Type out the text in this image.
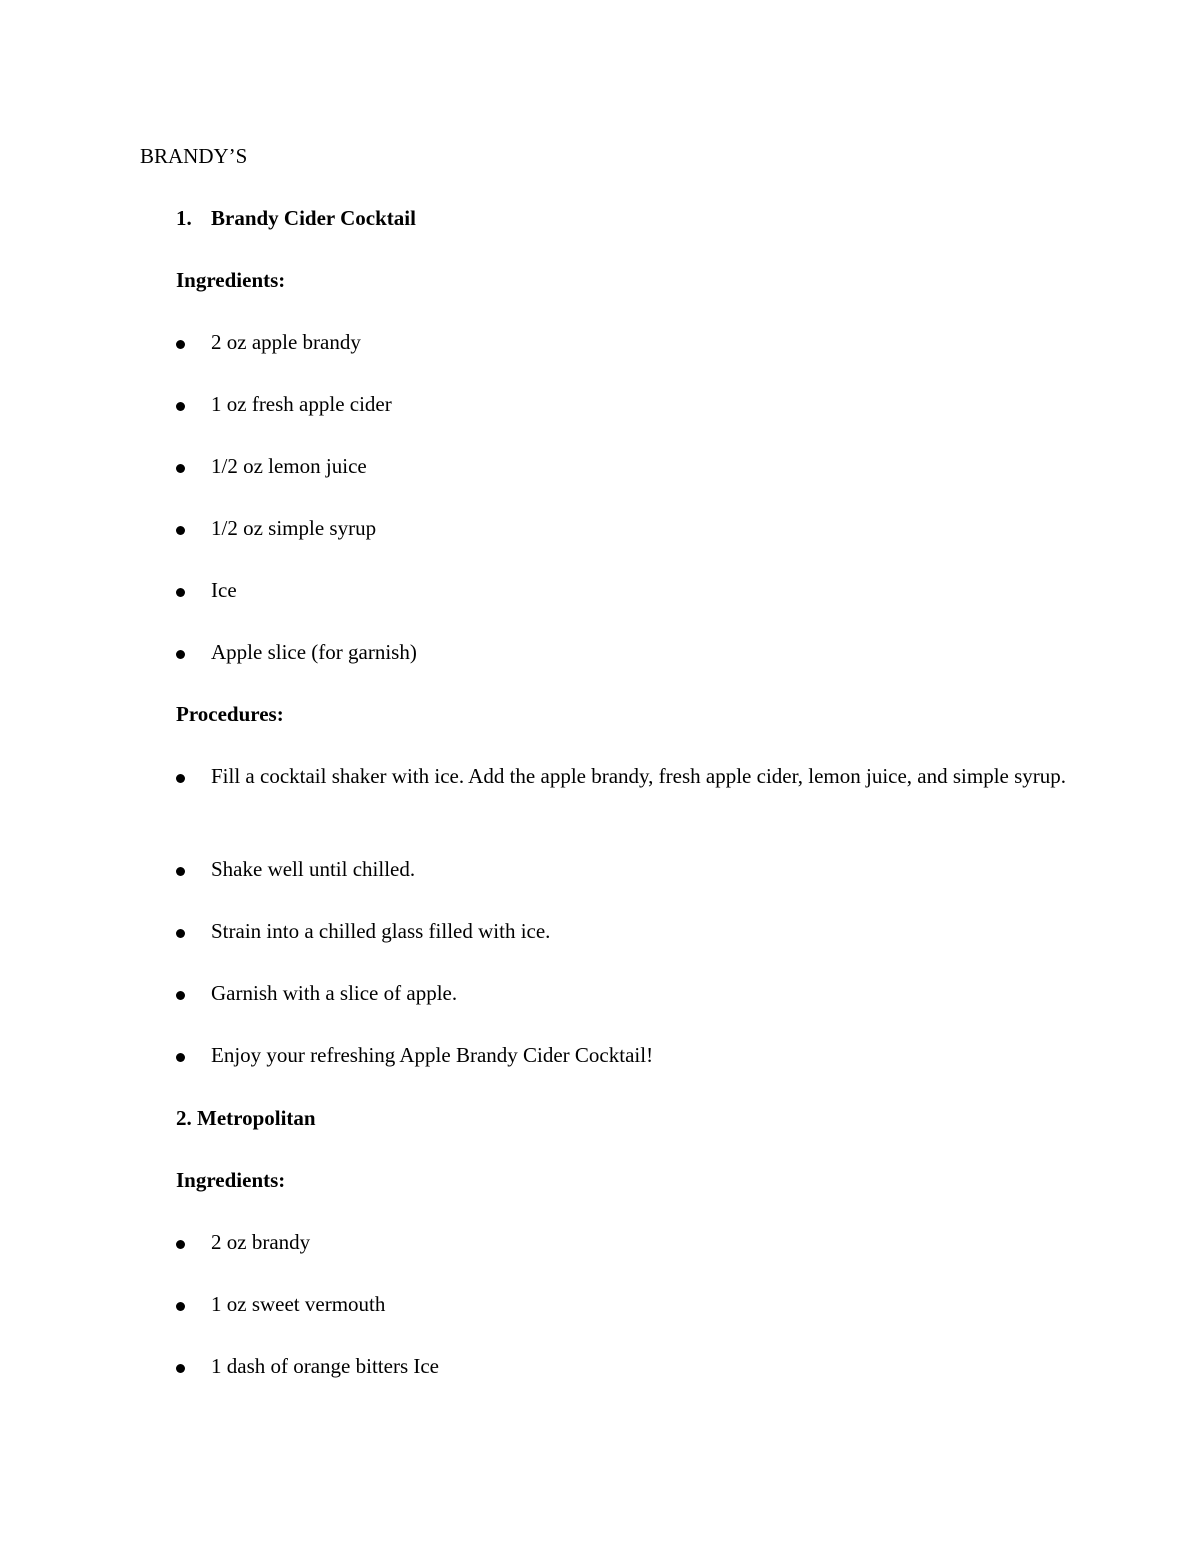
BRANDY’S
1. Brandy Cider Cocktail
Ingredients:
2 oz apple brandy
1 oz fresh apple cider
1/2 oz lemon juice
1/2 oz simple syrup
Ice
Apple slice (for garnish)
Procedures:
Fill a cocktail shaker with ice. Add the apple brandy, fresh apple cider, lemon juice, and simple syrup.
Shake well until chilled.
Strain into a chilled glass filled with ice.
Garnish with a slice of apple.
Enjoy your refreshing Apple Brandy Cider Cocktail!
2. Metropolitan
Ingredients:
2 oz brandy
1 oz sweet vermouth
1 dash of orange bitters Ice
